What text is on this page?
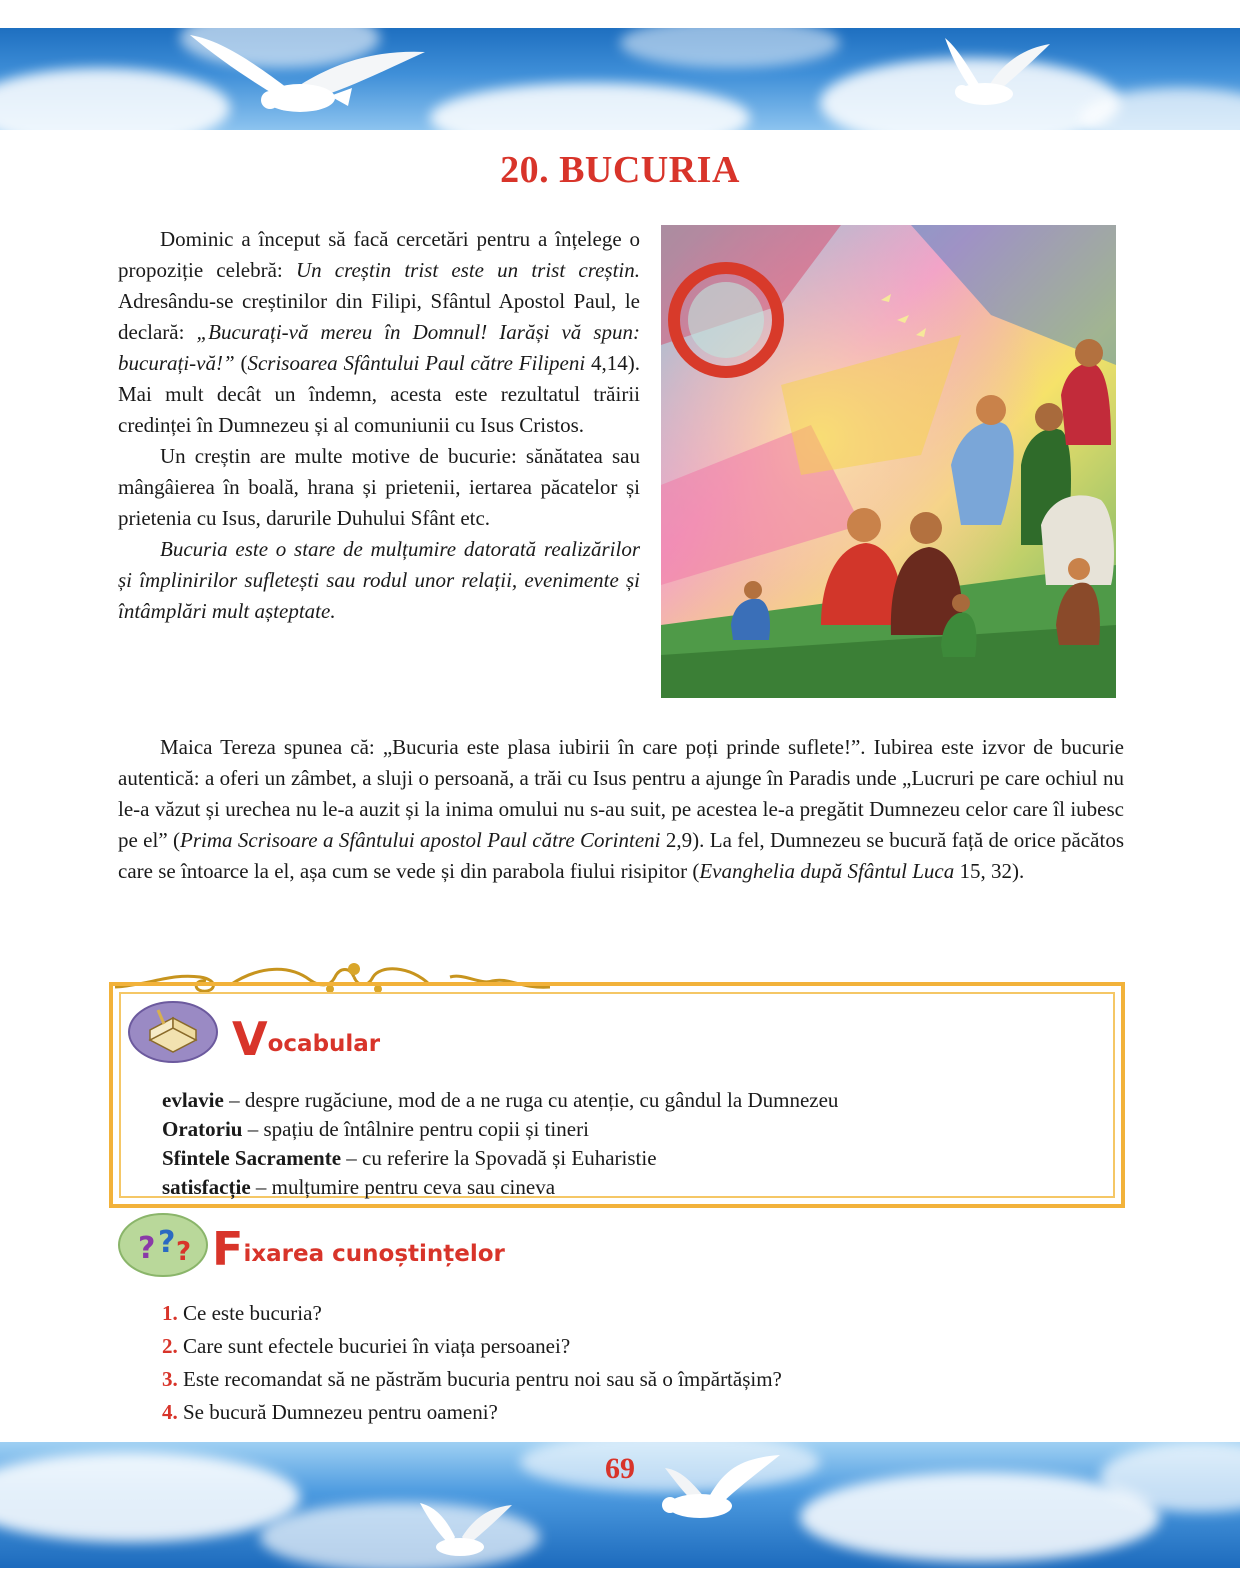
20. BUCURIA

Dominic a început să facă cercetări pentru a înțelege o propoziție celebră: Un creștin trist este un trist creștin. Adresându-se creștinilor din Filipi, Sfântul Apostol Paul, le declară: „Bucurați-vă mereu în Domnul! Iarăși vă spun: bucurați-vă!” (Scrisoarea Sfântului Paul către Filipeni 4,14). Mai mult decât un îndemn, acesta este rezultatul trăirii credinței în Dumnezeu și al comuniunii cu Isus Cristos.

Un creștin are multe motive de bucurie: sănătatea sau mângâierea în boală, hrana și prietenii, iertarea păcatelor și prietenia cu Isus, darurile Duhului Sfânt etc.

Bucuria este o stare de mulțumire datorată realizărilor și împlinirilor sufletești sau rodul unor relații, evenimente și întâmplări mult așteptate.

Maica Tereza spunea că: „Bucuria este plasa iubirii în care poți prinde suflete!”. Iubirea este izvor de bucurie autentică: a oferi un zâmbet, a sluji o persoană, a trăi cu Isus pentru a ajunge în Paradis unde „Lucruri pe care ochiul nu le-a văzut și urechea nu le-a auzit și la inima omului nu s-au suit, pe acestea le-a pregătit Dumnezeu celor care îl iubesc pe el” (Prima Scrisoare a Sfântului apostol Paul către Corinteni 2,9). La fel, Dumnezeu se bucură față de orice păcătos care se întoarce la el, așa cum se vede și din parabola fiului risipitor (Evanghelia după Sfântul Luca 15, 32).

Vocabular
evlavie – despre rugăciune, mod de a ne ruga cu atenție, cu gândul la Dumnezeu
Oratoriu – spațiu de întâlnire pentru copii și tineri
Sfintele Sacramente – cu referire la Spovadă și Euharistie
satisfacție – mulțumire pentru ceva sau cineva
? ? ? Fixarea cunoștințelor
1. Ce este bucuria?
2. Care sunt efectele bucuriei în viața persoanei?
3. Este recomandat să ne păstrăm bucuria pentru noi sau să o împărtășim?
4. Se bucură Dumnezeu pentru oameni?
69
